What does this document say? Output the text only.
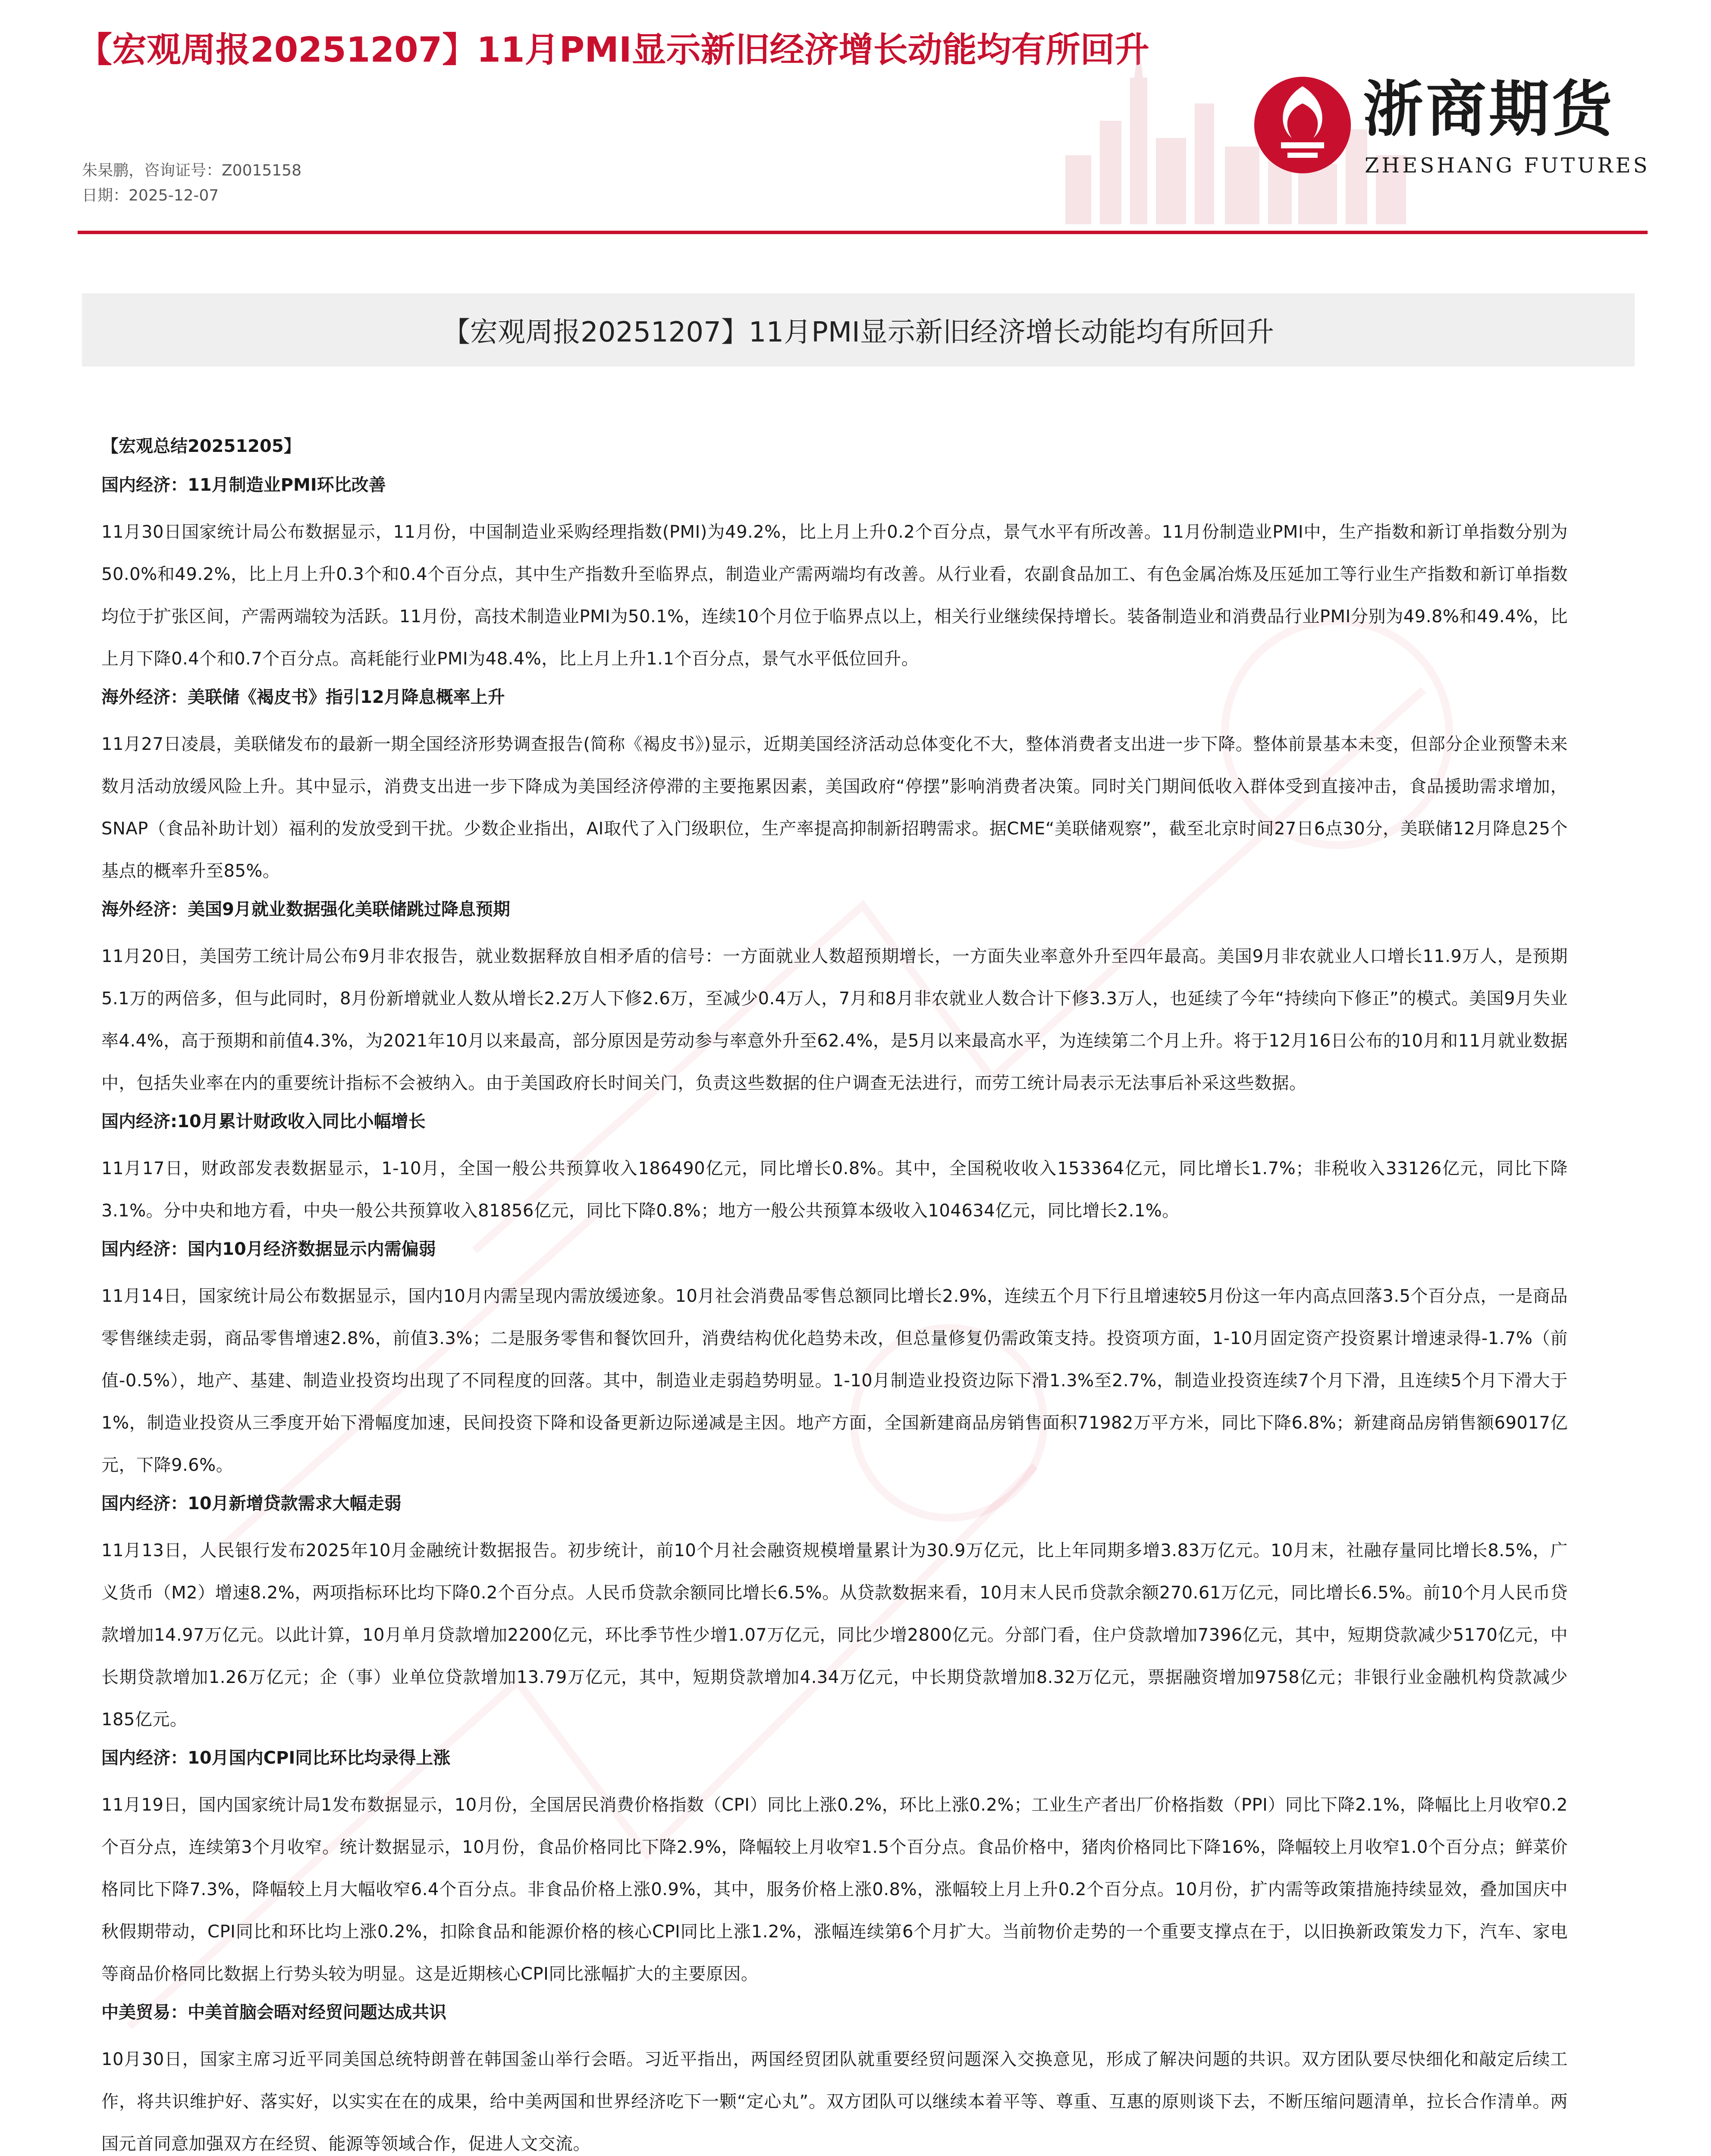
【宏观周报20251207】11月PMI显示新旧经济增长动能均有所回升
朱杲鹏，咨询证号：Z0015158
日期：2025-12-07
浙商期货
ZHESHANG FUTURES
【宏观周报20251207】11月PMI显示新旧经济增长动能均有所回升
【宏观总结20251205】
国内经济：11月制造业PMI环比改善

11月30日国家统计局公布数据显示，11月份，中国制造业采购经理指数(PMI)为49.2%，比上月上升0.2个百分点，景气水平有所改善。11月份制造业PMI中，生产指数和新订单指数分别为50.0%和49.2%，比上月上升0.3个和0.4个百分点，其中生产指数升至临界点，制造业产需两端均有改善。从行业看，农副食品加工、有色金属冶炼及压延加工等行业生产指数和新订单指数均位于扩张区间，产需两端较为活跃。11月份，高技术制造业PMI为50.1%，连续10个月位于临界点以上，相关行业继续保持增长。装备制造业和消费品行业PMI分别为49.8%和49.4%，比上月下降0.4个和0.7个百分点。高耗能行业PMI为48.4%，比上月上升1.1个百分点，景气水平低位回升。

海外经济：美联储《褐皮书》指引12月降息概率上升

11月27日凌晨，美联储发布的最新一期全国经济形势调查报告(简称《褐皮书》)显示，近期美国经济活动总体变化不大，整体消费者支出进一步下降。整体前景基本未变，但部分企业预警未来数月活动放缓风险上升。其中显示，消费支出进一步下降成为美国经济停滞的主要拖累因素，美国政府“停摆”影响消费者决策。同时关门期间低收入群体受到直接冲击，食品援助需求增加，SNAP（食品补助计划）福利的发放受到干扰。少数企业指出，AI取代了入门级职位，生产率提高抑制新招聘需求。据CME“美联储观察”，截至北京时间27日6点30分，美联储12月降息25个基点的概率升至85%。

海外经济：美国9月就业数据强化美联储跳过降息预期

11月20日，美国劳工统计局公布9月非农报告，就业数据释放自相矛盾的信号：一方面就业人数超预期增长，一方面失业率意外升至四年最高。美国9月非农就业人口增长11.9万人，是预期5.1万的两倍多，但与此同时，8月份新增就业人数从增长2.2万人下修2.6万，至减少0.4万人，7月和8月非农就业人数合计下修3.3万人，也延续了今年“持续向下修正”的模式。美国9月失业率4.4%，高于预期和前值4.3%，为2021年10月以来最高，部分原因是劳动参与率意外升至62.4%，是5月以来最高水平，为连续第二个月上升。将于12月16日公布的10月和11月就业数据中，包括失业率在内的重要统计指标不会被纳入。由于美国政府长时间关门，负责这些数据的住户调查无法进行，而劳工统计局表示无法事后补采这些数据。

国内经济:10月累计财政收入同比小幅增长

11月17日，财政部发表数据显示，1-10月，全国一般公共预算收入186490亿元，同比增长0.8%。其中，全国税收收入153364亿元，同比增长1.7%；非税收入33126亿元，同比下降3.1%。分中央和地方看，中央一般公共预算收入81856亿元，同比下降0.8%；地方一般公共预算本级收入104634亿元，同比增长2.1%。

国内经济：国内10月经济数据显示内需偏弱

11月14日，国家统计局公布数据显示，国内10月内需呈现内需放缓迹象。10月社会消费品零售总额同比增长2.9%，连续五个月下行且增速较5月份这一年内高点回落3.5个百分点，一是商品零售继续走弱，商品零售增速2.8%，前值3.3%；二是服务零售和餐饮回升，消费结构优化趋势未改，但总量修复仍需政策支持。投资项方面，1-10月固定资产投资累计增速录得-1.7%（前值-0.5%），地产、基建、制造业投资均出现了不同程度的回落。其中，制造业走弱趋势明显。1-10月制造业投资边际下滑1.3%至2.7%，制造业投资连续7个月下滑，且连续5个月下滑大于1%，制造业投资从三季度开始下滑幅度加速，民间投资下降和设备更新边际递减是主因。地产方面，全国新建商品房销售面积71982万平方米，同比下降6.8%；新建商品房销售额69017亿元，下降9.6%。

国内经济：10月新增贷款需求大幅走弱

11月13日，人民银行发布2025年10月金融统计数据报告。初步统计，前10个月社会融资规模增量累计为30.9万亿元，比上年同期多增3.83万亿元。10月末，社融存量同比增长8.5%，广义货币（M2）增速8.2%，两项指标环比均下降0.2个百分点。人民币贷款余额同比增长6.5%。从贷款数据来看，10月末人民币贷款余额270.61万亿元，同比增长6.5%。前10个月人民币贷款增加14.97万亿元。以此计算，10月单月贷款增加2200亿元，环比季节性少增1.07万亿元，同比少增2800亿元。分部门看，住户贷款增加7396亿元，其中，短期贷款减少5170亿元，中长期贷款增加1.26万亿元；企（事）业单位贷款增加13.79万亿元，其中，短期贷款增加4.34万亿元，中长期贷款增加8.32万亿元，票据融资增加9758亿元；非银行业金融机构贷款减少185亿元。

国内经济：10月国内CPI同比环比均录得上涨

11月19日，国内国家统计局1发布数据显示，10月份，全国居民消费价格指数（CPI）同比上涨0.2%，环比上涨0.2%；工业生产者出厂价格指数（PPI）同比下降2.1%，降幅比上月收窄0.2个百分点，连续第3个月收窄。统计数据显示，10月份，食品价格同比下降2.9%，降幅较上月收窄1.5个百分点。食品价格中，猪肉价格同比下降16%，降幅较上月收窄1.0个百分点；鲜菜价格同比下降7.3%，降幅较上月大幅收窄6.4个百分点。非食品价格上涨0.9%，其中，服务价格上涨0.8%，涨幅较上月上升0.2个百分点。10月份，扩内需等政策措施持续显效，叠加国庆中秋假期带动，CPI同比和环比均上涨0.2%，扣除食品和能源价格的核心CPI同比上涨1.2%，涨幅连续第6个月扩大。当前物价走势的一个重要支撑点在于，以旧换新政策发力下，汽车、家电等商品价格同比数据上行势头较为明显。这是近期核心CPI同比涨幅扩大的主要原因。

中美贸易：中美首脑会晤对经贸问题达成共识

10月30日，国家主席习近平同美国总统特朗普在韩国釜山举行会晤。习近平指出，两国经贸团队就重要经贸问题深入交换意见，形成了解决问题的共识。双方团队要尽快细化和敲定后续工作，将共识维护好、落实好，以实实在在的成果，给中美两国和世界经济吃下一颗“定心丸”。双方团队可以继续本着平等、尊重、互惠的原则谈下去，不断压缩问题清单，拉长合作清单。两国元首同意加强双方在经贸、能源等领域合作，促进人文交流。
